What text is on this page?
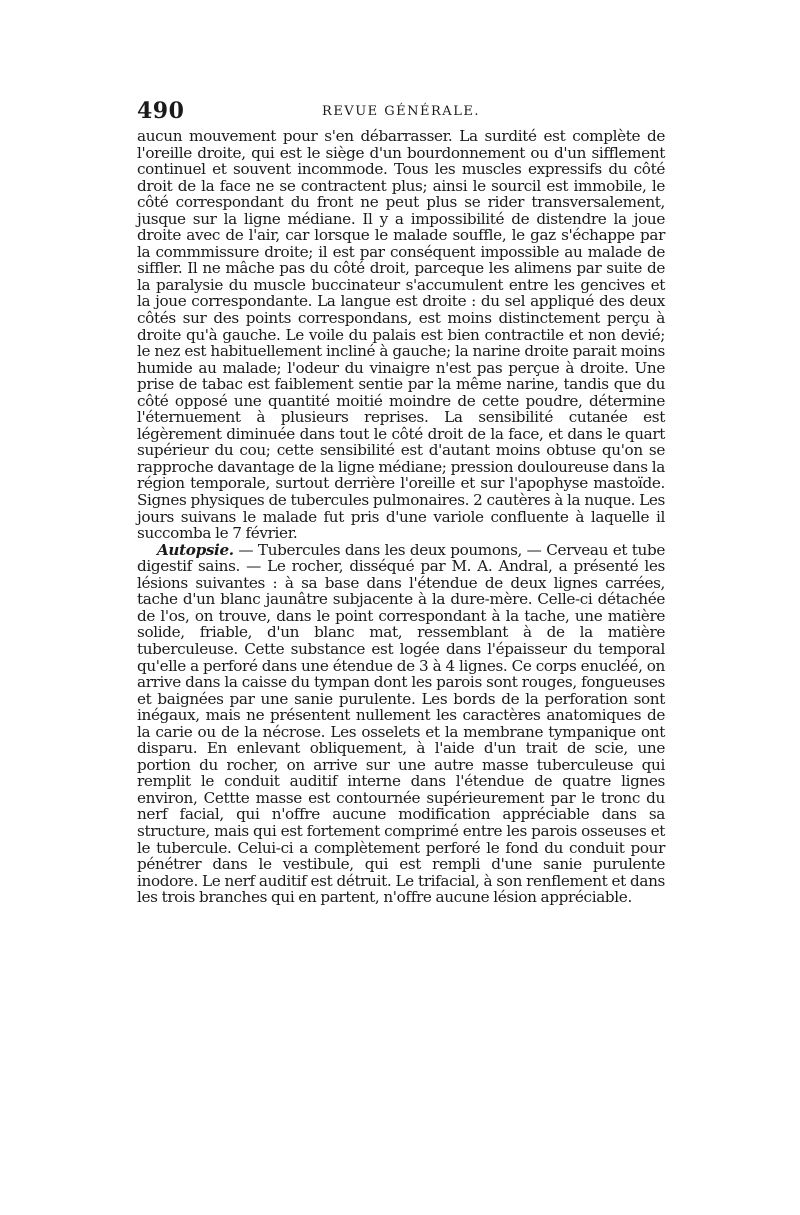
490	REVUE GÉNÉRALE.

aucun mouvement pour s'en débarrasser. La surdité est complète de l'oreille droite, qui est le siège d'un bourdonnement ou d'un sifflement continuel et souvent incommode. Tous les muscles expressifs du côté droit de la face ne se contractent plus; ainsi le sourcil est immobile, le côté correspondant du front ne peut plus se rider transversalement, jusque sur la ligne médiane. Il y a impossibilité de distendre la joue droite avec de l'air, car lorsque le malade souffle, le gaz s'échappe par la commmissure droite; il est par conséquent impossible au malade de siffler. Il ne mâche pas du côté droit, parceque les alimens par suite de la paralysie du muscle buccinateur s'accumulent entre les gencives et la joue correspondante. La langue est droite : du sel appliqué des deux côtés sur des points correspondans, est moins distinctement perçu à droite qu'à gauche. Le voile du palais est bien contractile et non devié; le nez est habituellement incliné à gauche; la narine droite parait moins humide au malade; l'odeur du vinaigre n'est pas perçue à droite. Une prise de tabac est faiblement sentie par la même narine, tandis que du côté opposé une quantité moitié moindre de cette poudre, détermine l'éternuement à plusieurs reprises. La sensibilité cutanée est légèrement diminuée dans tout le côté droit de la face, et dans le quart supérieur du cou; cette sensibilité est d'autant moins obtuse qu'on se rapproche davantage de la ligne médiane; pression douloureuse dans la région temporale, surtout derrière l'oreille et sur l'apophyse mastoïde. Signes physiques de tubercules pulmonaires. 2 cautères à la nuque. Les jours suivans le malade fut pris d'une variole confluente à laquelle il succomba le 7 février.

Autopsie. — Tubercules dans les deux poumons, — Cerveau et tube digestif sains. — Le rocher, disséqué par M. A. Andral, a présenté les lésions suivantes : à sa base dans l'étendue de deux lignes carrées, tache d'un blanc jaunâtre subjacente à la dure-mère. Celle-ci détachée de l'os, on trouve, dans le point correspondant à la tache, une matière solide, friable, d'un blanc mat, ressemblant à de la matière tuberculeuse. Cette substance est logée dans l'épaisseur du temporal qu'elle a perforé dans une étendue de 3 à 4 lignes. Ce corps enucléé, on arrive dans la caisse du tympan dont les parois sont rouges, fongueuses et baignées par une sanie purulente. Les bords de la perforation sont inégaux, mais ne présentent nullement les caractères anatomiques de la carie ou de la nécrose. Les osselets et la membrane tympanique ont disparu. En enlevant obliquement, à l'aide d'un trait de scie, une portion du rocher, on arrive sur une autre masse tuberculeuse qui remplit le conduit auditif interne dans l'étendue de quatre lignes environ, Cettte masse est contournée supérieurement par le tronc du nerf facial, qui n'offre aucune modification appréciable dans sa structure, mais qui est fortement comprimé entre les parois osseuses et le tubercule. Celui-ci a complètement perforé le fond du conduit pour pénétrer dans le vestibule, qui est rempli d'une sanie purulente inodore. Le nerf auditif est détruit. Le trifacial, à son renflement et dans les trois branches qui en partent, n'offre aucune lésion appréciable.
